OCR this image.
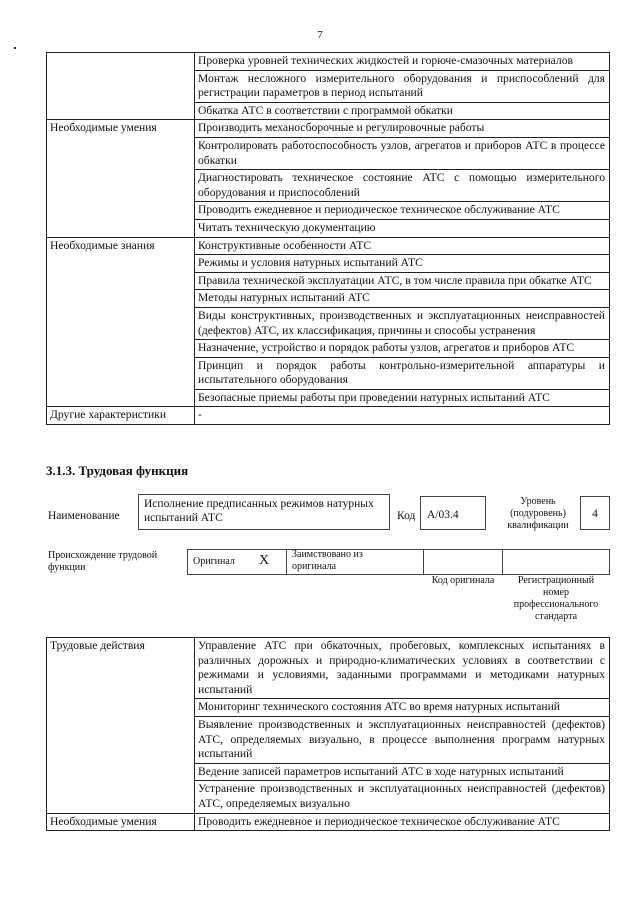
7
	Проверка уровней технических жидкостей и горюче-смазочных материалов
	Монтаж несложного измерительного оборудования и приспособлений для регистрации параметров в период испытаний
	Обкатка АТС в соответствии с программой обкатки
Необходимые умения	Производить механосборочные и регулировочные работы
	Контролировать работоспособность узлов, агрегатов и приборов АТС в процессе обкатки
	Диагностировать техническое состояние АТС с помощью измерительного оборудования и приспособлений
	Проводить ежедневное и периодическое техническое обслуживание АТС
	Читать техническую документацию
Необходимые знания	Конструктивные особенности АТС
	Режимы и условия натурных испытаний АТС
	Правила технической эксплуатации АТС, в том числе правила при обкатке АТС
	Методы натурных испытаний АТС
	Виды конструктивных, производственных и эксплуатационных неисправностей (дефектов) АТС, их классификация, причины и способы устранения
	Назначение, устройство и порядок работы узлов, агрегатов и приборов АТС
	Принцип и порядок работы контрольно-измерительной аппаратуры и испытательного оборудования
	Безопасные приемы работы при проведении натурных испытаний АТС
Другие характеристики	-
3.1.3. Трудовая функция
Наименование
Исполнение предписанных режимов натурных испытаний АТС	Код	А/03.4
Уровень (подуровень) квалификации
4
Происхождение трудовой функции
Оригинал X Заимствовано из оригинала
Код оригинала	Регистрационный номер профессионального стандарта
Трудовые действия	Управление АТС при обкаточных, пробеговых, комплексных испытаниях в различных дорожных и природно-климатических условиях в соответствии с режимами и условиями, заданными программами и методиками натурных испытаний
	Мониторинг технического состояния АТС во время натурных испытаний
	Выявление производственных и эксплуатационных неисправностей (дефектов) АТС, определяемых визуально, в процессе выполнения программ натурных испытаний
	Ведение записей параметров испытаний АТС в ходе натурных испытаний
	Устранение производственных и эксплуатационных неисправностей (дефектов) АТС, определяемых визуально
Необходимые умения	Проводить ежедневное и периодическое техническое обслуживание АТС
